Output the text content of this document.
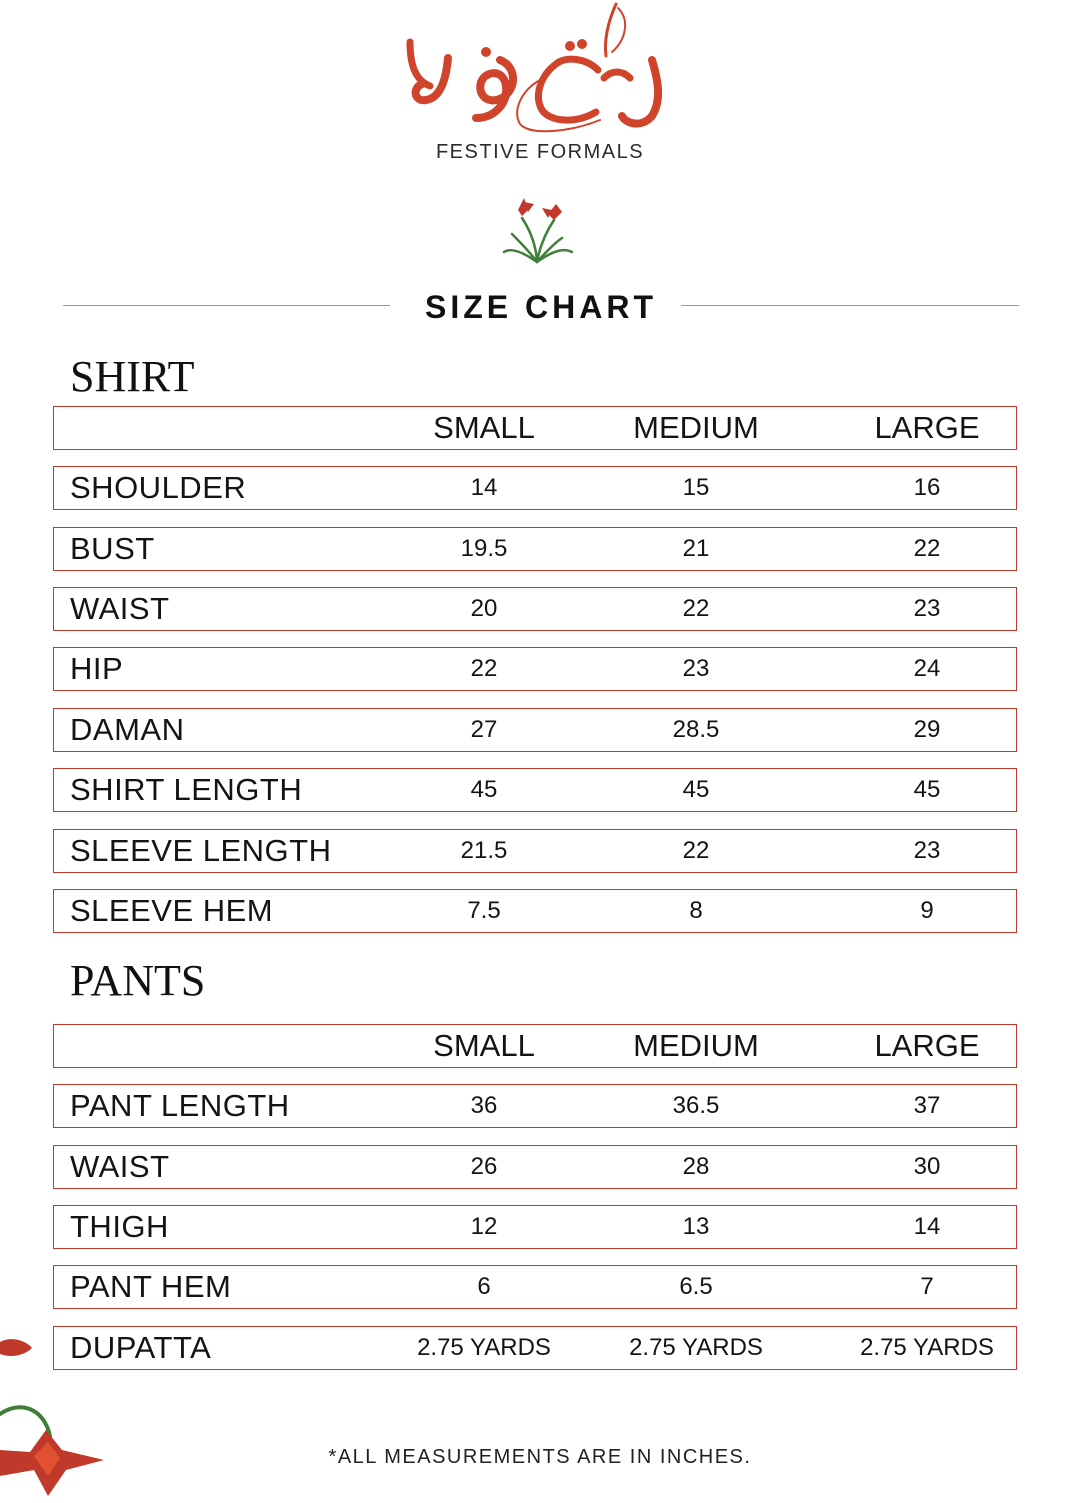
FESTIVE FORMALS
SIZE CHART
SHIRT
SMALL	MEDIUM	LARGE
SHOULDER	14	15	16
BUST	19.5	21	22
WAIST	20	22	23
HIP	22	23	24
DAMAN	27	28.5	29
SHIRT LENGTH	45	45	45
SLEEVE LENGTH	21.5	22	23
SLEEVE HEM	7.5	8	9
PANTS
SMALL	MEDIUM	LARGE
PANT LENGTH	36	36.5	37
WAIST	26	28	30
THIGH	12	13	14
PANT HEM	6	6.5	7
DUPATTA	2.75 YARDS	2.75 YARDS	2.75 YARDS
*ALL MEASUREMENTS ARE IN INCHES.
